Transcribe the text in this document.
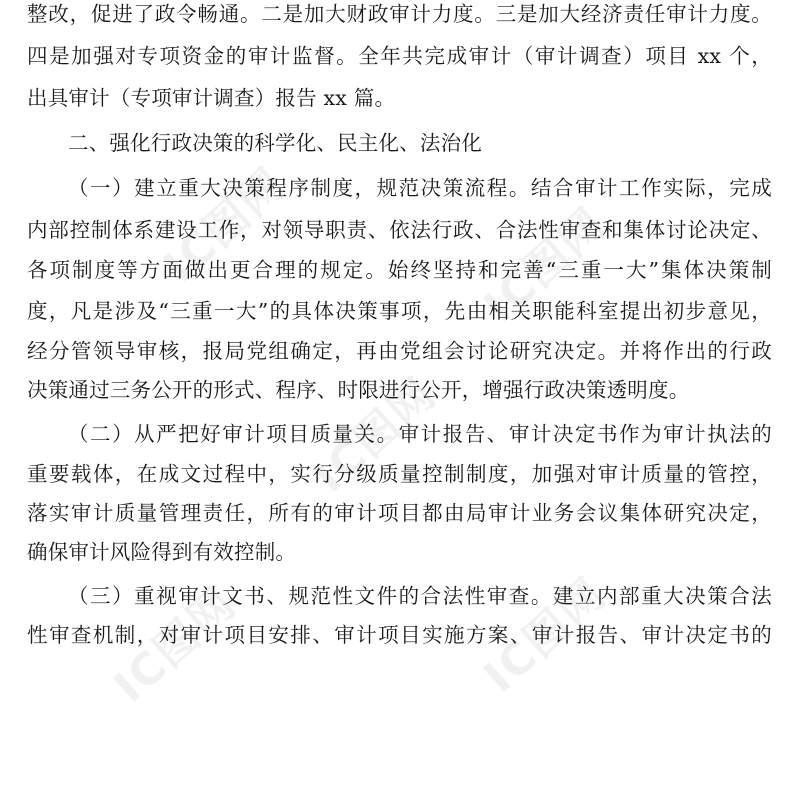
IC图网	IC图网
IC图网
IC图网	IC图网
整改，促进了政令畅通。二是加大财政审计力度。三是加大经济责任审计力度。
四是加强对专项资金的审计监督。全年共完成审计（审计调查）项目 xx 个，
出具审计（专项审计调查）报告 xx 篇。
二、强化行政决策的科学化、民主化、法治化
（一）建立重大决策程序制度，规范决策流程。结合审计工作实际，完成
内部控制体系建设工作，对领导职责、依法行政、合法性审查和集体讨论决定、
各项制度等方面做出更合理的规定。始终坚持和完善“三重一大”集体决策制
度，凡是涉及“三重一大”的具体决策事项，先由相关职能科室提出初步意见，
经分管领导审核，报局党组确定，再由党组会讨论研究决定。并将作出的行政
决策通过三务公开的形式、程序、时限进行公开，增强行政决策透明度。
（二）从严把好审计项目质量关。审计报告、审计决定书作为审计执法的
重要载体，在成文过程中，实行分级质量控制制度，加强对审计质量的管控，
落实审计质量管理责任，所有的审计项目都由局审计业务会议集体研究决定，
确保审计风险得到有效控制。
（三）重视审计文书、规范性文件的合法性审查。建立内部重大决策合法
性审查机制，对审计项目安排、审计项目实施方案、审计报告、审计决定书的
